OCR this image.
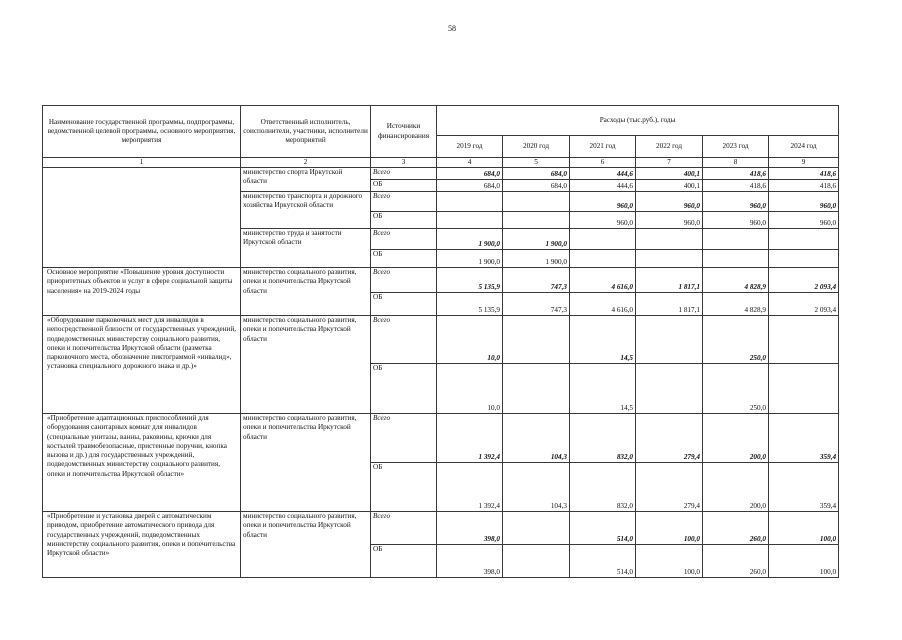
58
Наименование государственной программы, подпрограммы, ведомственной целевой программы, основного мероприятия, мероприятия	Ответственный исполнитель, соисполнители, участники, исполнители мероприятий	Источники финансирования	Расходы (тыс.руб.), годы					
			2019 год	2020 год	2021 год	2022 год	2023 год	2024 год
1	2	3	4	5	6	7	8	9
	министерство спорта Иркутской области	Всего	684,0	684,0	444,6	400,1	418,6	418,6
		ОБ	684,0	684,0	444,6	400,1	418,6	418,6
	министерство транспорта и дорожного хозяйства Иркутской области	Всего			960,0	960,0	960,0	960,0
		ОБ			960,0	960,0	960,0	960,0
	министерство труда и занятости Иркутской области	Всего	1 900,0	1 900,0				
		ОБ	1 900,0	1 900,0				
Основное мероприятие «Повышение уровня доступности приоритетных объектов и услуг в сфере социальной защиты населения» на 2019-2024 годы	министерство социального развития, опеки и попечительства Иркутской области	Всего	5 135,9	747,3	4 616,0	1 817,1	4 828,9	2 093,4
		ОБ	5 135,9	747,3	4 616,0	1 817,1	4 828,9	2 093,4
«Оборудование парковочных мест для инвалидов в непосредственной близости от государственных учреждений, подведомственных министерству социального развития, опеки и попечительства Иркутской области (разметка парковочного места, обозначение пиктограммой «инвалид», установка специального дорожного знака и др.)»	министерство социального развития, опеки и попечительства Иркутской области	Всего	10,0		14,5		250,0	
		ОБ	10,0		14,5		250,0	
«Приобретение адаптационных приспособлений для оборудования санитарных комнат для инвалидов (специальные унитазы, ванны, раковины, крючки для костылей травмобезопасные, пристенные поручни, кнопка вызова и др.) для государственных учреждений, подведомственных министерству социального развития, опеки и попечительства Иркутской области»	министерство социального развития, опеки и попечительства Иркутской области	Всего	1 392,4	104,3	832,0	279,4	200,0	359,4
		ОБ	1 392,4	104,3	832,0	279,4	200,0	359,4
«Приобретение и установка дверей с автоматическим приводом, приобретение автоматического привода для государственных учреждений, подведомственных министерству социального развития, опеки и попечительства Иркутской области»	министерство социального развития, опеки и попечительства Иркутской области	Всего	398,0		514,0	100,0	260,0	100,0
		ОБ	398,0		514,0	100,0	260,0	100,0
